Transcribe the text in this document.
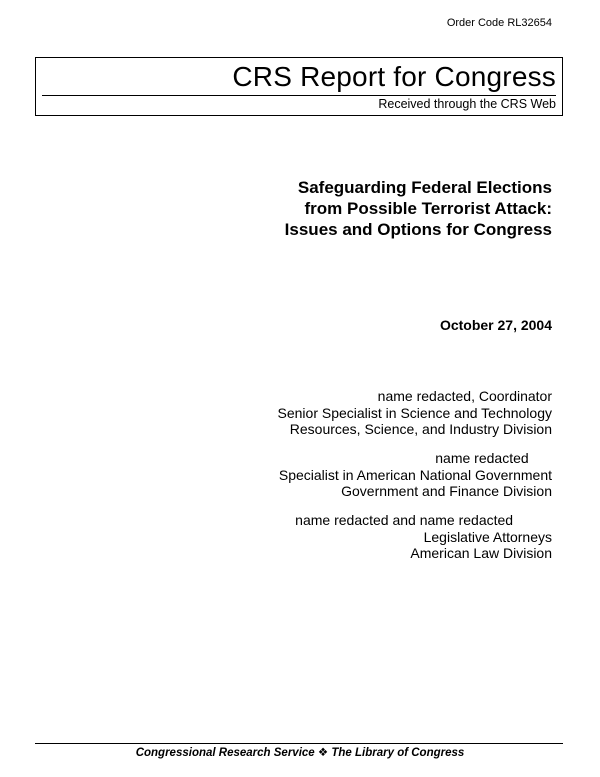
Order Code RL32654
CRS Report for Congress
Received through the CRS Web
Safeguarding Federal Elections
from Possible Terrorist Attack:
Issues and Options for Congress
October 27, 2004
name redacted, Coordinator
Senior Specialist in Science and Technology
Resources, Science, and Industry Division
name redacted
Specialist in American National Government
Government and Finance Division
name redacted and name redacted
Legislative Attorneys
American Law Division
Congressional Research Service ❖ The Library of Congress
